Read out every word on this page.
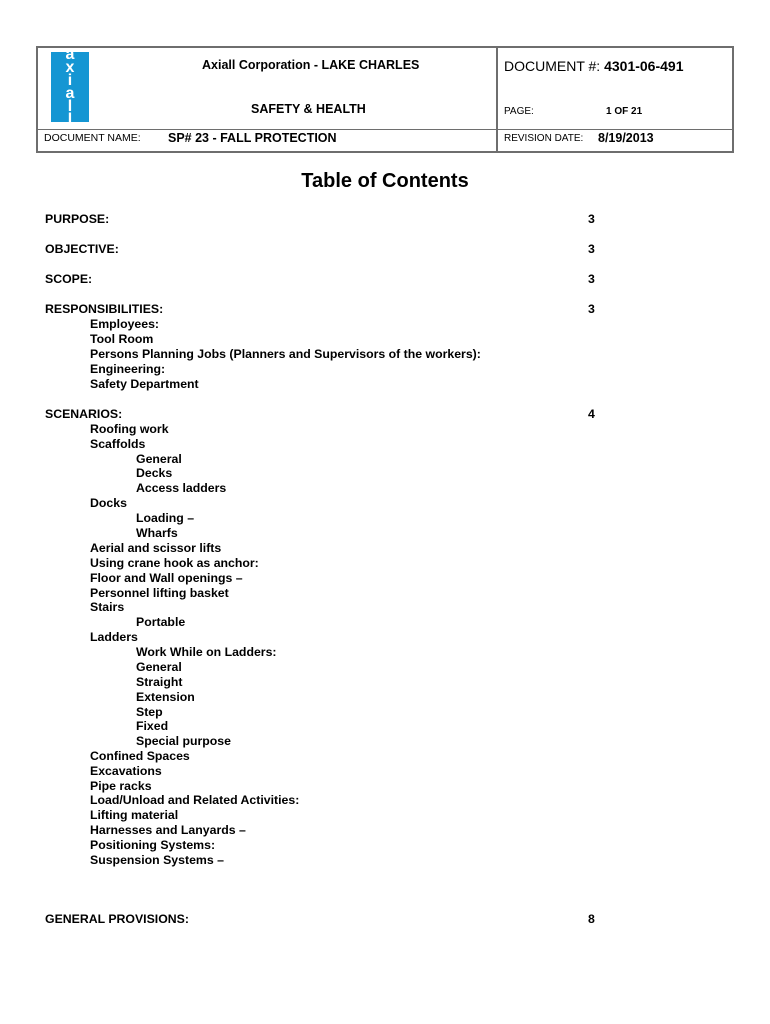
a
x
i
a
l
l
Axiall Corporation - LAKE CHARLES
SAFETY & HEALTH
DOCUMENT NAME: SP# 23 - FALL PROTECTION
DOCUMENT #: 4301-06-491
PAGE:	1 OF 21
REVISION DATE: 8/19/2013
Table of Contents
PURPOSE:	3
OBJECTIVE:	3
SCOPE:	3
RESPONSIBILITIES:	3
Employees:
Tool Room
Persons Planning Jobs (Planners and Supervisors of the workers):
Engineering:
Safety Department
SCENARIOS:	4
Roofing work
Scaffolds
General
Decks
Access ladders
Docks
Loading –
Wharfs
Aerial and scissor lifts
Using crane hook as anchor:
Floor and Wall openings –
Personnel lifting basket
Stairs
Portable
Ladders
Work While on Ladders:
General
Straight
Extension
Step
Fixed
Special purpose
Confined Spaces
Excavations
Pipe racks
Load/Unload and Related Activities:
Lifting material
Harnesses and Lanyards –
Positioning Systems:
Suspension Systems –
GENERAL PROVISIONS:	8
